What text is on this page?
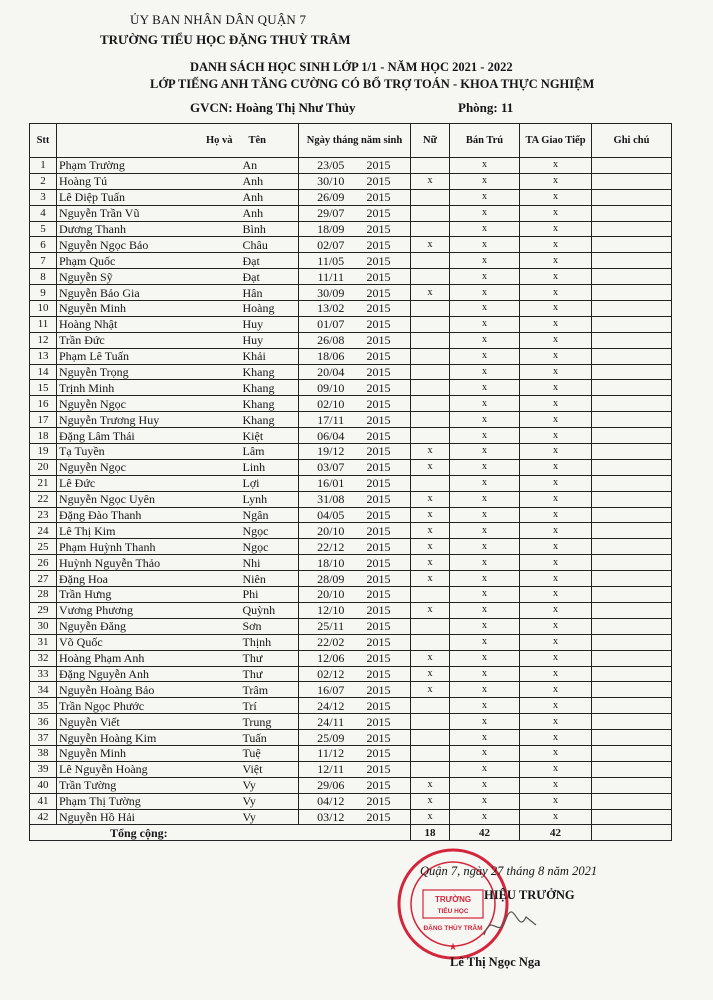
ỦY BAN NHÂN DÂN QUẬN 7
TRƯỜNG TIỂU HỌC ĐẶNG THUỲ TRÂM
DANH SÁCH HỌC SINH LỚP 1/1 - NĂM HỌC 2021 - 2022
LỚP TIẾNG ANH TĂNG CƯỜNG CÓ BỔ TRỢ TOÁN - KHOA THỰC NGHIỆM
GVCN: Hoàng Thị Như Thủy	Phòng: 11
Stt	Họ và	Tên	Ngày tháng năm sinh		Nữ	Bán Trú	TA Giao Tiếp	Ghi chú
1	Phạm Trường	An	23/05	2015		x	x	
2	Hoàng Tú	Anh	30/10	2015	x	x	x	
3	Lê Diệp Tuấn	Anh	26/09	2015		x	x	
4	Nguyễn Trần Vũ	Anh	29/07	2015		x	x	
5	Dương Thanh	Bình	18/09	2015		x	x	
6	Nguyễn Ngọc Bảo	Châu	02/07	2015	x	x	x	
7	Phạm Quốc	Đạt	11/05	2015		x	x	
8	Nguyễn Sỹ	Đạt	11/11	2015		x	x	
9	Nguyễn Bảo Gia	Hân	30/09	2015	x	x	x	
10	Nguyễn Minh	Hoàng	13/02	2015		x	x	
11	Hoàng Nhật	Huy	01/07	2015		x	x	
12	Trần Đức	Huy	26/08	2015		x	x	
13	Phạm Lê Tuấn	Khải	18/06	2015		x	x	
14	Nguyễn Trọng	Khang	20/04	2015		x	x	
15	Trịnh Minh	Khang	09/10	2015		x	x	
16	Nguyễn Ngọc	Khang	02/10	2015		x	x	
17	Nguyễn Trương Huy	Khang	17/11	2015		x	x	
18	Đặng Lâm Thái	Kiệt	06/04	2015		x	x	
19	Tạ Tuyền	Lâm	19/12	2015	x	x	x	
20	Nguyễn Ngọc	Linh	03/07	2015	x	x	x	
21	Lê Đức	Lợi	16/01	2015		x	x	
22	Nguyễn Ngọc Uyên	Lynh	31/08	2015	x	x	x	
23	Đặng Đào Thanh	Ngân	04/05	2015	x	x	x	
24	Lê Thị Kim	Ngọc	20/10	2015	x	x	x	
25	Phạm Huỳnh Thanh	Ngọc	22/12	2015	x	x	x	
26	Huỳnh Nguyễn Thảo	Nhi	18/10	2015	x	x	x	
27	Đặng Hoa	Niên	28/09	2015	x	x	x	
28	Trần Hưng	Phi	20/10	2015		x	x	
29	Vương Phương	Quỳnh	12/10	2015	x	x	x	
30	Nguyễn Đăng	Sơn	25/11	2015		x	x	
31	Võ Quốc	Thịnh	22/02	2015		x	x	
32	Hoàng Phạm Anh	Thư	12/06	2015	x	x	x	
33	Đặng Nguyễn Anh	Thư	02/12	2015	x	x	x	
34	Nguyễn Hoàng Bảo	Trâm	16/07	2015	x	x	x	
35	Trần Ngọc Phước	Trí	24/12	2015		x	x	
36	Nguyễn Viết	Trung	24/11	2015		x	x	
37	Nguyễn Hoàng Kim	Tuấn	25/09	2015		x	x	
38	Nguyễn Minh	Tuệ	11/12	2015		x	x	
39	Lê Nguyễn Hoàng	Việt	12/11	2015		x	x	
40	Trần Tường	Vy	29/06	2015	x	x	x	
41	Phạm Thị Tường	Vy	04/12	2015	x	x	x	
42	Nguyễn Hồ Hải	Vy	03/12	2015	x	x	x	
Tổng cộng:					18	42	42	
TRƯỜNG
TIỂU HỌC
ĐẶNG THÙY TRÂM
★
Quận 7, ngày 27 tháng 8 năm 2021
HIỆU TRƯỞNG
Lê Thị Ngọc Nga
